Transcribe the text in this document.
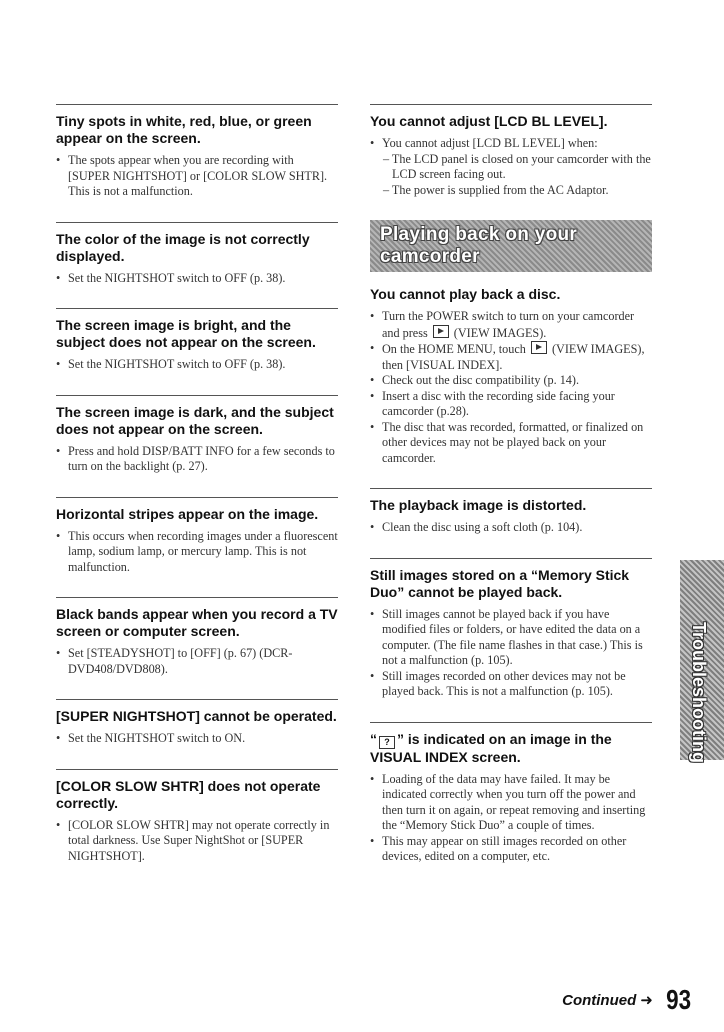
Tiny spots in white, red, blue, or green appear on the screen.
• The spots appear when you are recording with [SUPER NIGHTSHOT] or [COLOR SLOW SHTR]. This is not a malfunction.
The color of the image is not correctly displayed.
• Set the NIGHTSHOT switch to OFF (p. 38).
The screen image is bright, and the subject does not appear on the screen.
• Set the NIGHTSHOT switch to OFF (p. 38).
The screen image is dark, and the subject does not appear on the screen.
• Press and hold DISP/BATT INFO for a few seconds to turn on the backlight (p. 27).
Horizontal stripes appear on the image.
• This occurs when recording images under a fluorescent lamp, sodium lamp, or mercury lamp. This is not malfunction.
Black bands appear when you record a TV screen or computer screen.
• Set [STEADYSHOT] to [OFF] (p. 67) (DCR- DVD408/DVD808).
[SUPER NIGHTSHOT] cannot be operated.
• Set the NIGHTSHOT switch to ON.
[COLOR SLOW SHTR] does not operate correctly.
• [COLOR SLOW SHTR] may not operate correctly in total darkness. Use Super NightShot or [SUPER NIGHTSHOT].
You cannot adjust [LCD BL LEVEL].
• You cannot adjust [LCD BL LEVEL] when:
– The LCD panel is closed on your camcorder with the LCD screen facing out.
– The power is supplied from the AC Adaptor.
Playing back on your camcorder
You cannot play back a disc.
• Turn the POWER switch to turn on your camcorder and press (VIEW IMAGES).
• On the HOME MENU, touch (VIEW IMAGES), then [VISUAL INDEX].
• Check out the disc compatibility (p. 14).
• Insert a disc with the recording side facing your camcorder (p.28).
• The disc that was recorded, formatted, or finalized on other devices may not be played back on your camcorder.
The playback image is distorted.
• Clean the disc using a soft cloth (p. 104).
Still images stored on a “Memory Stick Duo” cannot be played back.
• Still images cannot be played back if you have modified files or folders, or have edited the data on a computer. (The file name flashes in that case.) This is not a malfunction (p. 105).
• Still images recorded on other devices may not be played back. This is not a malfunction (p. 105).
“ ? ” is indicated on an image in the VISUAL INDEX screen.
• Loading of the data may have failed. It may be indicated correctly when you turn off the power and then turn it on again, or repeat removing and inserting the “Memory Stick Duo” a couple of times.
• This may appear on still images recorded on other devices, edited on a computer, etc.
Troubleshooting
Continued ➜ 93
